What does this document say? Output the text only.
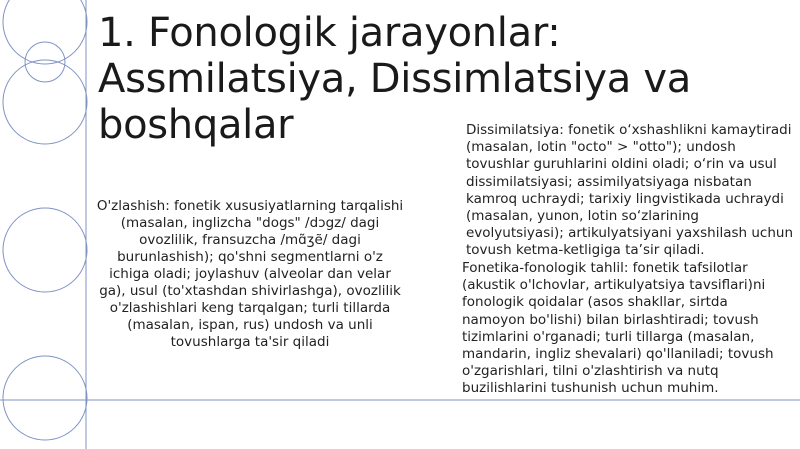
1. Fonologik jarayonlar:
Assmilatsiya, Dissimlatsiya va
boshqalar
O'zlashish: fonetik xususiyatlarning tarqalishi (masalan, inglizcha "dogs" /dɔgz/ dagi ovozlilik, fransuzcha /mɑ̃ʒẽ/ dagi burunlashish); qo'shni segmentlarni o'z ichiga oladi; joylashuv (alveolar dan velar ga), usul (to'xtashdan shivirlashga), ovozlilik o'zlashishlari keng tarqalgan; turli tillarda (masalan, ispan, rus) undosh va unli tovushlarga ta'sir qiladi
Dissimilatsiya: fonetik o‘xshashlikni kamaytiradi (masalan, lotin "octo" > "otto"); undosh tovushlar guruhlarini oldini oladi; o‘rin va usul dissimilatsiyasi; assimilyatsiyaga nisbatan kamroq uchraydi; tarixiy lingvistikada uchraydi (masalan, yunon, lotin so‘zlarining evolyutsiyasi); artikulyatsiyani yaxshilash uchun tovush ketma-ketligiga ta’sir qiladi.
Fonetika-fonologik tahlil: fonetik tafsilotlar (akustik o'lchovlar, artikulyatsiya tavsiflari)ni fonologik qoidalar (asos shakllar, sirtda namoyon bo'lishi) bilan birlashtiradi; tovush tizimlarini o'rganadi; turli tillarga (masalan, mandarin, ingliz shevalari) qo'llaniladi; tovush o'zgarishlari, tilni o'zlashtirish va nutq buzilishlarini tushunish uchun muhim.
